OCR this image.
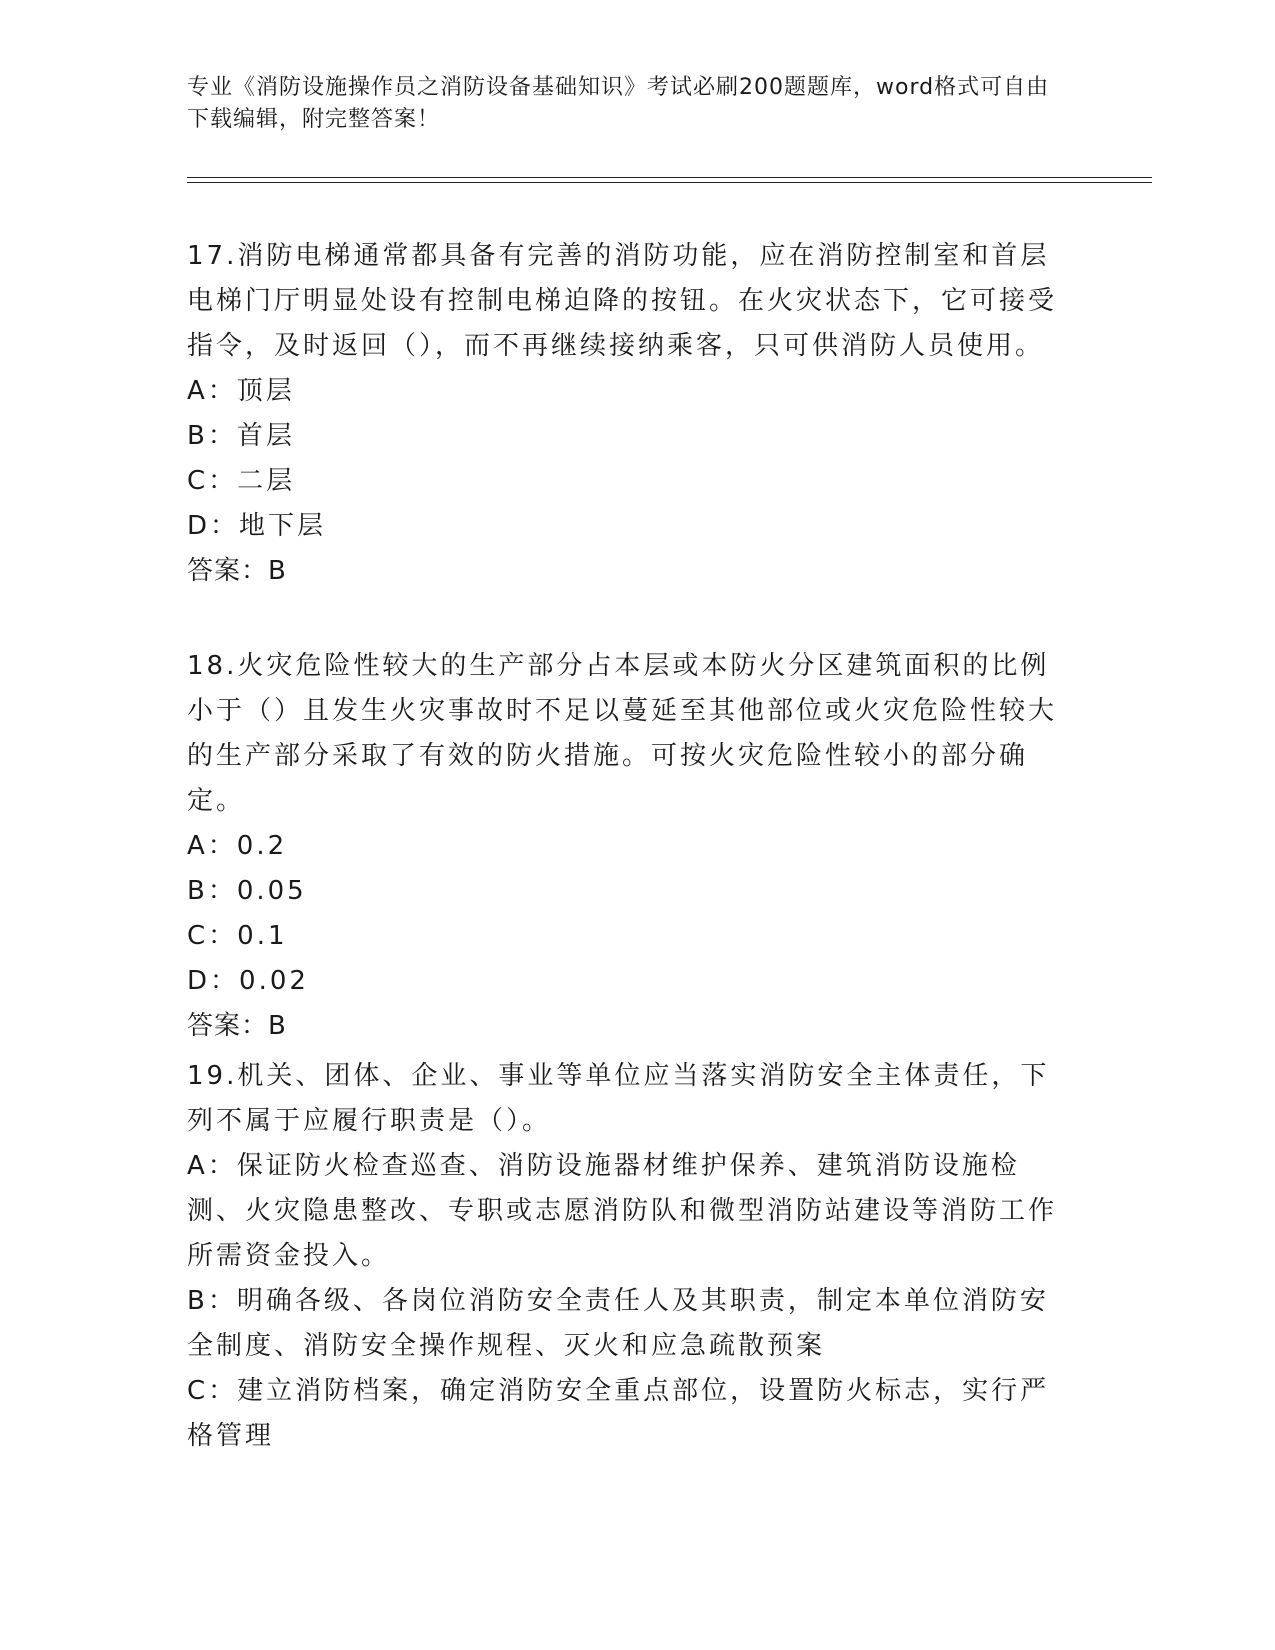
专业《消防设施操作员之消防设备基础知识》考试必刷200题题库，word格式可自由下载编辑，附完整答案！
17.消防电梯通常都具备有完善的消防功能，应在消防控制室和首层电梯门厅明显处设有控制电梯迫降的按钮。在火灾状态下，它可接受指令，及时返回（），而不再继续接纳乘客，只可供消防人员使用。
A：顶层
B：首层
C：二层
D：地下层
答案：B
18.火灾危险性较大的生产部分占本层或本防火分区建筑面积的比例小于（）且发生火灾事故时不足以蔓延至其他部位或火灾危险性较大的生产部分采取了有效的防火措施。可按火灾危险性较小的部分确定。
A：0.2
B：0.05
C：0.1
D：0.02
答案：B
19.机关、团体、企业、事业等单位应当落实消防安全主体责任，下列不属于应履行职责是（）。
A：保证防火检查巡查、消防设施器材维护保养、建筑消防设施检测、火灾隐患整改、专职或志愿消防队和微型消防站建设等消防工作所需资金投入。
B：明确各级、各岗位消防安全责任人及其职责，制定本单位消防安全制度、消防安全操作规程、灭火和应急疏散预案
C：建立消防档案，确定消防安全重点部位，设置防火标志，实行严格管理
